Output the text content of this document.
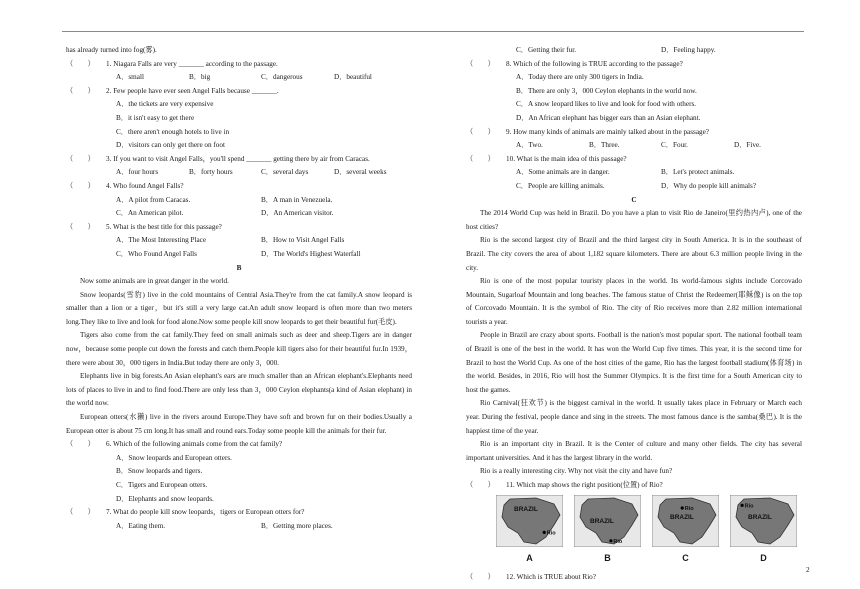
has already turned into fog(雾).
（　　）	1. Niagara Falls are very _______ according to the passage.
A．small	B．big	C．dangerous	D．beautiful
（　　）	2. Few people have ever seen Angel Falls because _______.
A．the tickets are very expensive
B．it isn't easy to get there
C．there aren't enough hotels to live in
D．visitors can only get there on foot
（　　）	3. If you want to visit Angel Falls，you'll spend _______ getting there by air from Caracas.
A．four hours	B．forty hours	C．several days	D．several weeks
（　　）	4. Who found Angel Falls?
A．A pilot from Caracas.	B．A man in Venezuela.
C．An American pilot.	D．An American visitor.
（　　）	5. What is the best title for this passage?
A．The Most Interesting Place	B．How to Visit Angel Falls
C．Who Found Angel Falls	D．The World's Highest Waterfall
B
Now some animals are in great danger in the world.
Snow leopards(雪豹) live in the cold mountains of Central Asia.They're from the cat family.A snow leopard is smaller than a lion or a tiger，but it's still a very large cat.An adult snow leopard is often more than two meters long.They like to live and look for food alone.Now some people kill snow leopards to get their beautiful fur(毛皮).
Tigers also come from the cat family.They feed on small animals such as deer and sheep.Tigers are in danger now，because some people cut down the forests and catch them.People kill tigers also for their beautiful fur.In 1939，there were about 30，000 tigers in India.But today there are only 3，000.
Elephants live in big forests.An Asian elephant's ears are much smaller than an African elephant's.Elephants need lots of places to live in and to find food.There are only less than 3，000 Ceylon elephants(a kind of Asian elephant) in the world now.
European otters(水獭) live in the rivers around Europe.They have soft and brown fur on their bodies.Usually a European otter is about 75 cm long.It has small and round ears.Today some people kill the animals for their fur.
（　　）	6. Which of the following animals come from the cat family?
A．Snow leopards and European otters.
B．Snow leopards and tigers.
C．Tigers and European otters.
D．Elephants and snow leopards.
（　　）	7. What do people kill snow leopards，tigers or European otters for?
A．Eating them.	B．Getting more places.
C．Getting their fur.	D．Feeling happy.
（　　）	8. Which of the following is TRUE according to the passage?
A．Today there are only 300 tigers in India.
B．There are only 3，000 Ceylon elephants in the world now.
C．A snow leopard likes to live and look for food with others.
D．An African elephant has bigger ears than an Asian elephant.
（　　）	9. How many kinds of animals are mainly talked about in the passage?
A．Two.	B．Three.	C．Four.	D．Five.
（　　）	10. What is the main idea of this passage?
A．Some animals are in danger.	B．Let's protect animals.
C．People are killing animals.	D．Why do people kill animals?
C
The 2014 World Cup was held in Brazil. Do you have a plan to visit Rio de Janeiro(里约热内卢), one of the host cities?
Rio is the second largest city of Brazil and the third largest city in South America. It is in the southeast of Brazil. The city covers the area of about 1,182 square kilometers. There are about 6.3 million people living in the city.
Rio is one of the most popular touristy places in the world. Its world-famous sights include Corcovado Mountain, Sugarloaf Mountain and long beaches. The famous statue of Christ the Redeemer(耶稣像) is on the top of Corcovado Mountain. It is the symbol of Rio. The city of Rio receives more than 2.82 million international tourists a year.
People in Brazil are crazy about sports. Football is the nation's most popular sport. The national football team of Brazil is one of the best in the world. It has won the World Cup five times. This year, it is the second time for Brazil to host the World Cup. As one of the host cities of the game, Rio has the largest football stadium(体育场) in the world. Besides, in 2016, Rio will host the Summer Olympics. It is the first time for a South American city to host the games.
Rio Carnival(狂欢节) is the biggest carnival in the world. It usually takes place in February or March each year. During the festival, people dance and sing in the streets. The most famous dance is the samba(桑巴). It is the happiest time of the year.
Rio is an important city in Brazil. It is the Center of culture and many other fields. The city has several important universities. And it has the largest library in the world.
Rio is a really interesting city. Why not visit the city and have fun?
（　　）	11. Which map shows the right position(位置) of Rio?
BRAZIL
Rio
A
BRAZIL
Rio
B
BRAZIL
Rio
C
BRAZIL
Rio
D
（　　）	12. Which is TRUE about Rio?
2
